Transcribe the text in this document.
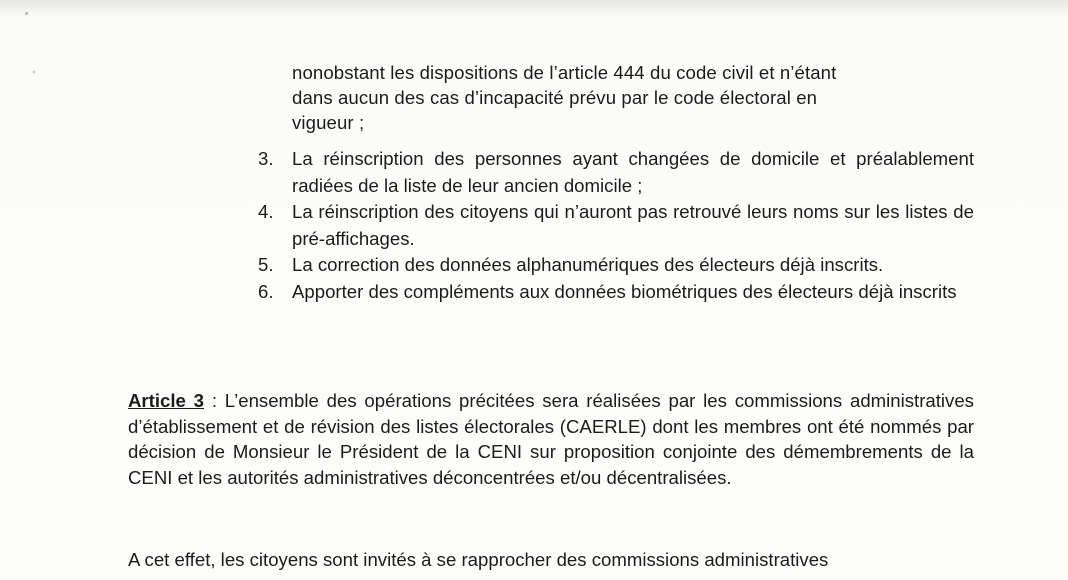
nonobstant les dispositions de l’article 444 du code civil et n’étant
dans aucun des cas d’incapacité prévu par le code électoral en
vigueur ;
3. La réinscription des personnes ayant changées de domicile et préalablement radiées de la liste de leur ancien domicile ;
4. La réinscription des citoyens qui n’auront pas retrouvé leurs noms sur les listes de pré-affichages.
5. La correction des données alphanumériques des électeurs déjà inscrits.
6. Apporter des compléments aux données biométriques des électeurs déjà inscrits

Article 3 : L’ensemble des opérations précitées sera réalisées par les commissions administratives d’établissement et de révision des listes électorales (CAERLE) dont les membres ont été nommés par décision de Monsieur le Président de la CENI sur proposition conjointe des démembrements de la CENI et les autorités administratives déconcentrées et/ou décentralisées.

A cet effet, les citoyens sont invités à se rapprocher des commissions administratives
